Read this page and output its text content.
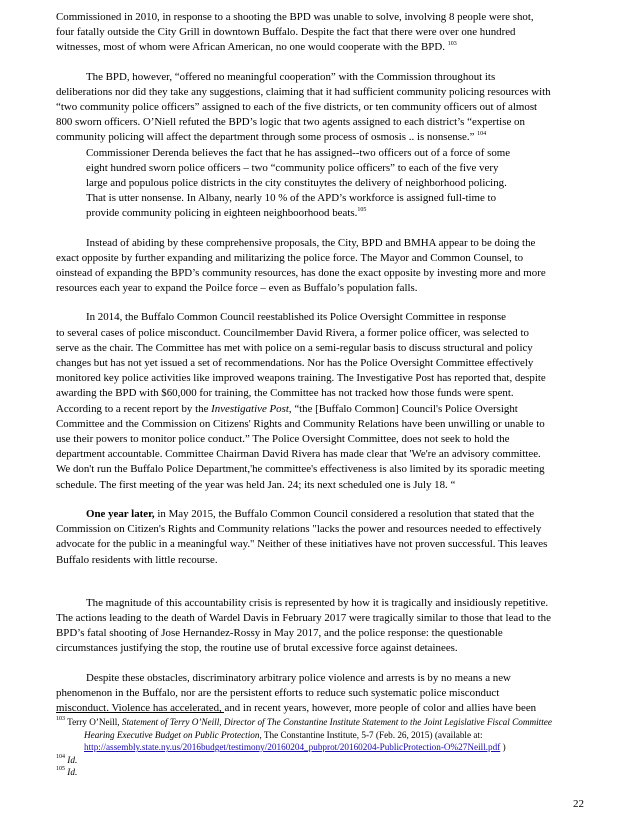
Commissioned in 2010, in response to a shooting the BPD was unable to solve, involving 8 people were shot,
four fatally outside the City Grill in downtown Buffalo. Despite the fact that there were over one hundred
witnesses, most of whom were African American, no one would cooperate with the BPD. $^{103}$

The BPD, however, “offered no meaningful cooperation” with the Commission throughout its
deliberations nor did they take any suggestions, claiming that it had sufficient community policing resources with
“two community police officers” assigned to each of the five districts, or ten community officers out of almost
800 sworn officers. O’Niell refuted the BPD’s logic that two agents assigned to each district’s “expertise on
community policing will affect the department through some process of osmosis .. is nonsense.” $^{104}$

Commissioner Derenda believes the fact that he has assigned--two officers out of a force of some
eight hundred sworn police officers – two “community police officers” to each of the five very
large and populous police districts in the city constituytes the delivery of neighborhood policing.
That is utter nonsense. In Albany, nearly 10 % of the APD’s workforce is assigned full-time to
provide community policing in eighteen neighboorhood beats.$^{105}$

Instead of abiding by these comprehensive proposals, the City, BPD and BMHA appear to be doing the
exact opposite by further expanding and militarizing the police force. The Mayor and Common Counsel, to
oinstead of expanding the BPD’s community resources, has done the exact opposite by investing more and more
resources each year to expand the Poilce force – even as Buffalo’s population falls.

In 2014, the Buffalo Common Council reestablished its Police Oversight Committee in response
to several cases of police misconduct. Councilmember David Rivera, a former police officer, was selected to
serve as the chair. The Committee has met with police on a semi-regular basis to discuss structural and policy
changes but has not yet issued a set of recommendations. Nor has the Police Oversight Committee effectively
monitored key police activities like improved weapons training. The Investigative Post has reported that, despite
awarding the BPD with $60,000 for training, the Committee has not tracked how those funds were spent.
According to a recent report by the Investigative Post, “the [Buffalo Common] Council's Police Oversight
Committee and the Commission on Citizens' Rights and Community Relations have been unwilling or unable to
use their powers to monitor police conduct.” The Police Oversight Committee, does not seek to hold the
department accountable. Committee Chairman David Rivera has made clear that 'We're an advisory committee.
We don't run the Buffalo Police Department,'he committee's effectiveness is also limited by its sporadic meeting
schedule. The first meeting of the year was held Jan. 24; its next scheduled one is July 18. “

One year later, in May 2015, the Buffalo Common Council considered a resolution that stated that the
Commission on Citizen's Rights and Community relations "lacks the power and resources needed to effectively
advocate for the public in a meaningful way." Neither of these initiatives have not proven successful. This leaves
Buffalo residents with little recourse.

The magnitude of this accountability crisis is represented by how it is tragically and insidiously repetitive.
The actions leading to the death of Wardel Davis in February 2017 were tragically similar to those that lead to the
BPD’s fatal shooting of Jose Hernandez-Rossy in May 2017, and the police response: the questionable
circumstances justifying the stop, the routine use of brutal excessive force against detainees.

Despite these obstacles, discriminatory arbitrary police violence and arrests is by no means a new
phenomenon in the Buffalo, nor are the persistent efforts to reduce such systematic police misconduct
misconduct. Violence has accelerated, and in recent years, however, more people of color and allies have been

$^{103}$ Terry O’Neill, Statement of Terry O’Neill, Director of The Constantine Institute Statement to the Joint Legislative Fiscal Committee Hearing Executive Budget on Public Protection, The Constantine Institute, 5-7 (Feb. 26, 2015) (available at: http://assembly.state.ny.us/2016budget/testimony/20160204_pubprot/20160204-PublicProtection-O%27Neill.pdf )

$^{104}$ Id.

$^{105}$ Id.

22
